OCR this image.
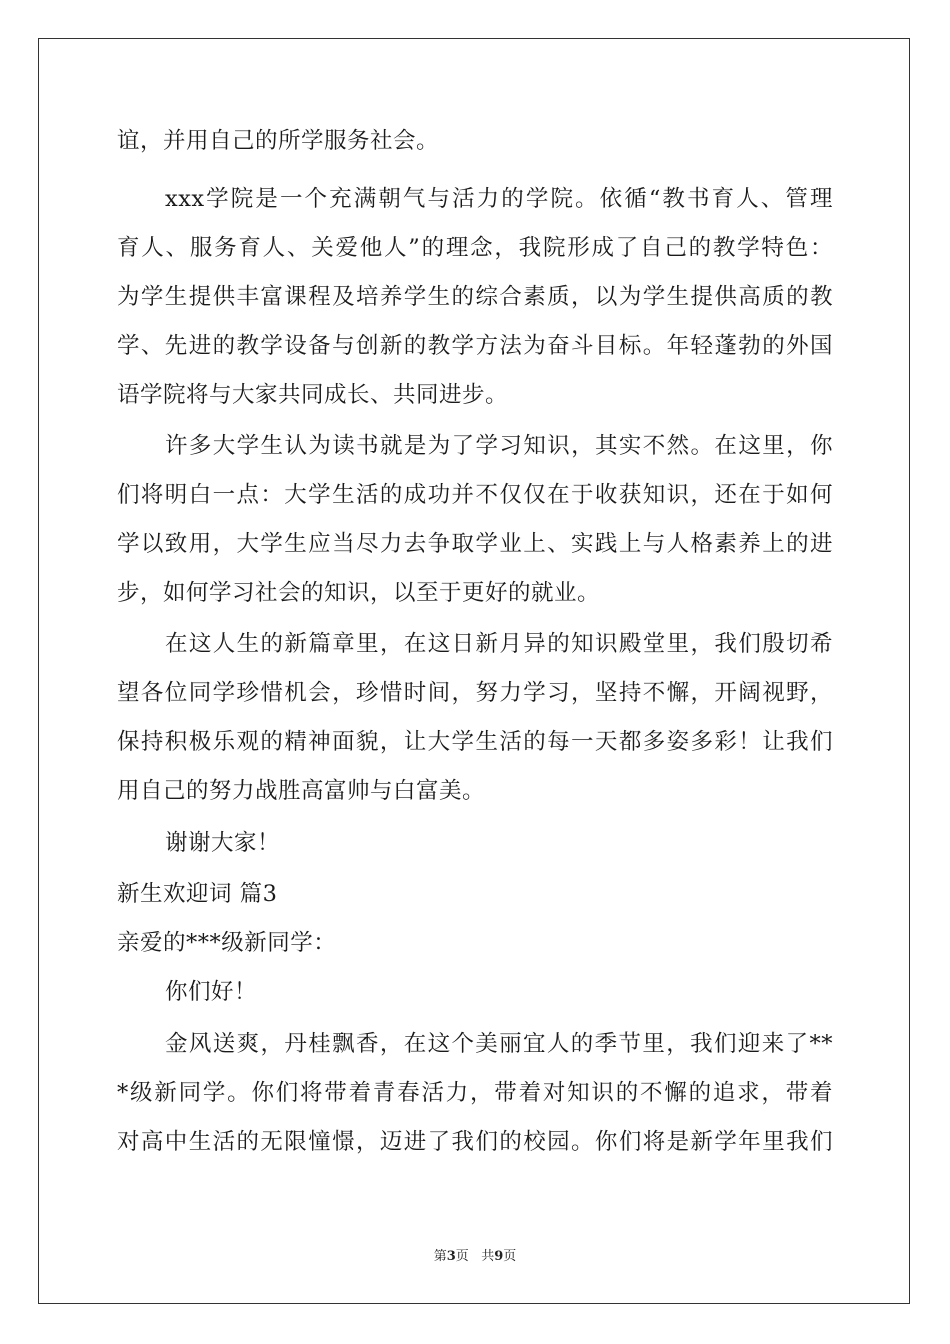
谊，并用自己的所学服务社会。
xxx学院是一个充满朝气与活力的学院。依循“教书育人、管理
育人、服务育人、关爱他人”的理念，我院形成了自己的教学特色：
为学生提供丰富课程及培养学生的综合素质，以为学生提供高质的教
学、先进的教学设备与创新的教学方法为奋斗目标。年轻蓬勃的外国
语学院将与大家共同成长、共同进步。
许多大学生认为读书就是为了学习知识，其实不然。在这里，你
们将明白一点：大学生活的成功并不仅仅在于收获知识，还在于如何
学以致用，大学生应当尽力去争取学业上、实践上与人格素养上的进
步，如何学习社会的知识，以至于更好的就业。
在这人生的新篇章里，在这日新月异的知识殿堂里，我们殷切希
望各位同学珍惜机会，珍惜时间，努力学习，坚持不懈，开阔视野，
保持积极乐观的精神面貌，让大学生活的每一天都多姿多彩！让我们
用自己的努力战胜高富帅与白富美。
谢谢大家！
新生欢迎词 篇3
亲爱的***级新同学：
你们好！
金风送爽，丹桂飘香，在这个美丽宜人的季节里，我们迎来了**
*级新同学。你们将带着青春活力，带着对知识的不懈的追求，带着
对高中生活的无限憧憬，迈进了我们的校园。你们将是新学年里我们
第3页 共9页
